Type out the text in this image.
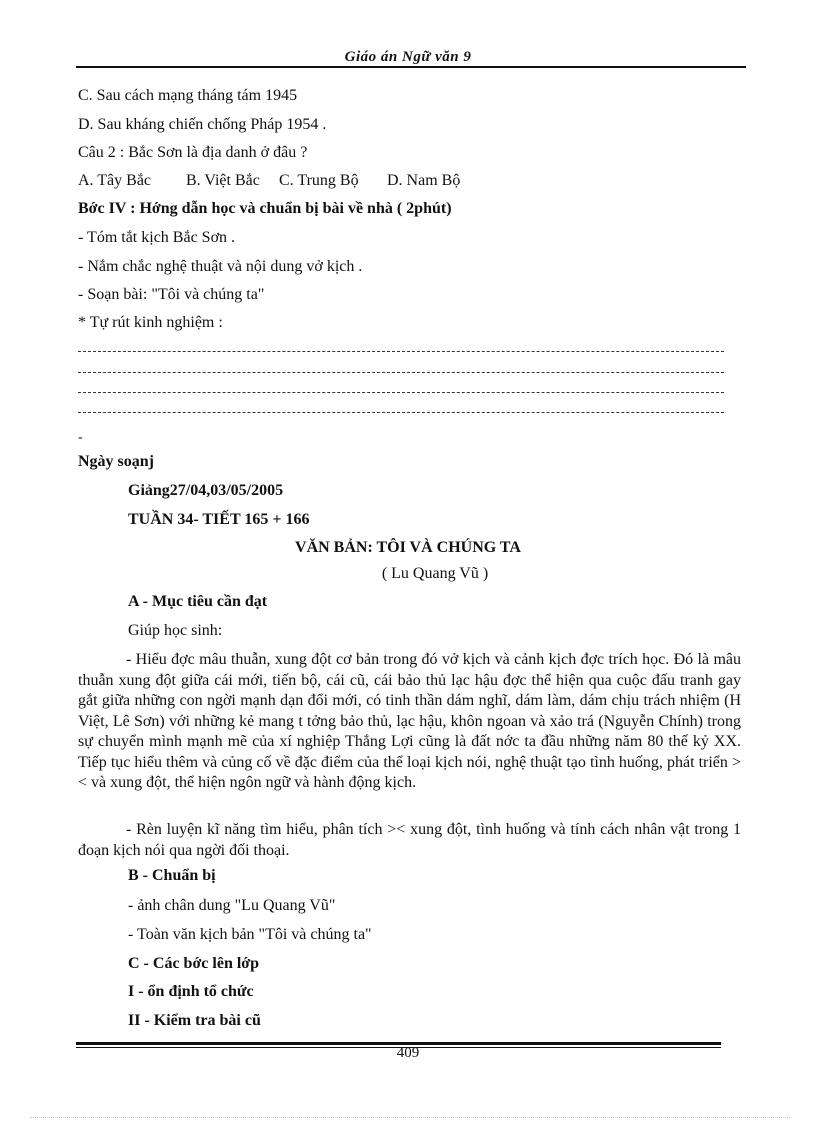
Giáo án Ngữ văn 9
C. Sau cách mạng tháng tám 1945
D. Sau kháng chiến chống Pháp 1954 .
Câu 2 : Bắc Sơn là địa danh ở đâu ?
A. Tây Bắc B. Việt Bắc C. Trung Bộ D. Nam Bộ
Bớc IV : Hớng dẫn học và chuẩn bị bài về nhà ( 2phút)
- Tóm tắt kịch Bắc Sơn .
- Nắm chắc nghệ thuật và nội dung vở kịch .
- Soạn bài: "Tôi và chúng ta"
* Tự rút kinh nghiệm :
-
Ngày soạnj
Giảng27/04,03/05/2005
TUẦN 34- TIẾT 165 + 166
VĂN BẢN: TÔI VÀ CHÚNG TA
( Lu Quang Vũ )
A - Mục tiêu cần đạt
Giúp học sinh:
- Hiểu đợc mâu thuẫn, xung đột cơ bản trong đó vở kịch và cảnh kịch đợc trích học. Đó là mâu thuẫn xung đột giữa cái mới, tiến bộ, cái cũ, cái bảo thủ lạc hậu đợc thể hiện qua cuộc đấu tranh gay gắt giữa những con ngời mạnh dạn đổi mới, có tinh thần dám nghĩ, dám làm, dám chịu trách nhiệm (H Việt, Lê Sơn) với những kẻ mang t tởng bảo thủ, lạc hậu, khôn ngoan và xảo trá (Nguyễn Chính) trong sự chuyển mình mạnh mẽ của xí nghiệp Thắng Lợi cũng là đất nớc ta đầu những năm 80 thế kỷ XX. Tiếp tục hiểu thêm và củng cố về đặc điểm của thể loại kịch nói, nghệ thuật tạo tình huống, phát triển >< và xung đột, thể hiện ngôn ngữ và hành động kịch.
- Rèn luyện kĩ năng tìm hiểu, phân tích >< xung đột, tình huống và tính cách nhân vật trong 1 đoạn kịch nói qua ngời đối thoại.
B - Chuẩn bị
- ảnh chân dung "Lu Quang Vũ"
- Toàn văn kịch bản "Tôi và chúng ta"
C - Các bớc lên lớp
I - ổn định tổ chức
II - Kiểm tra bài cũ
409
